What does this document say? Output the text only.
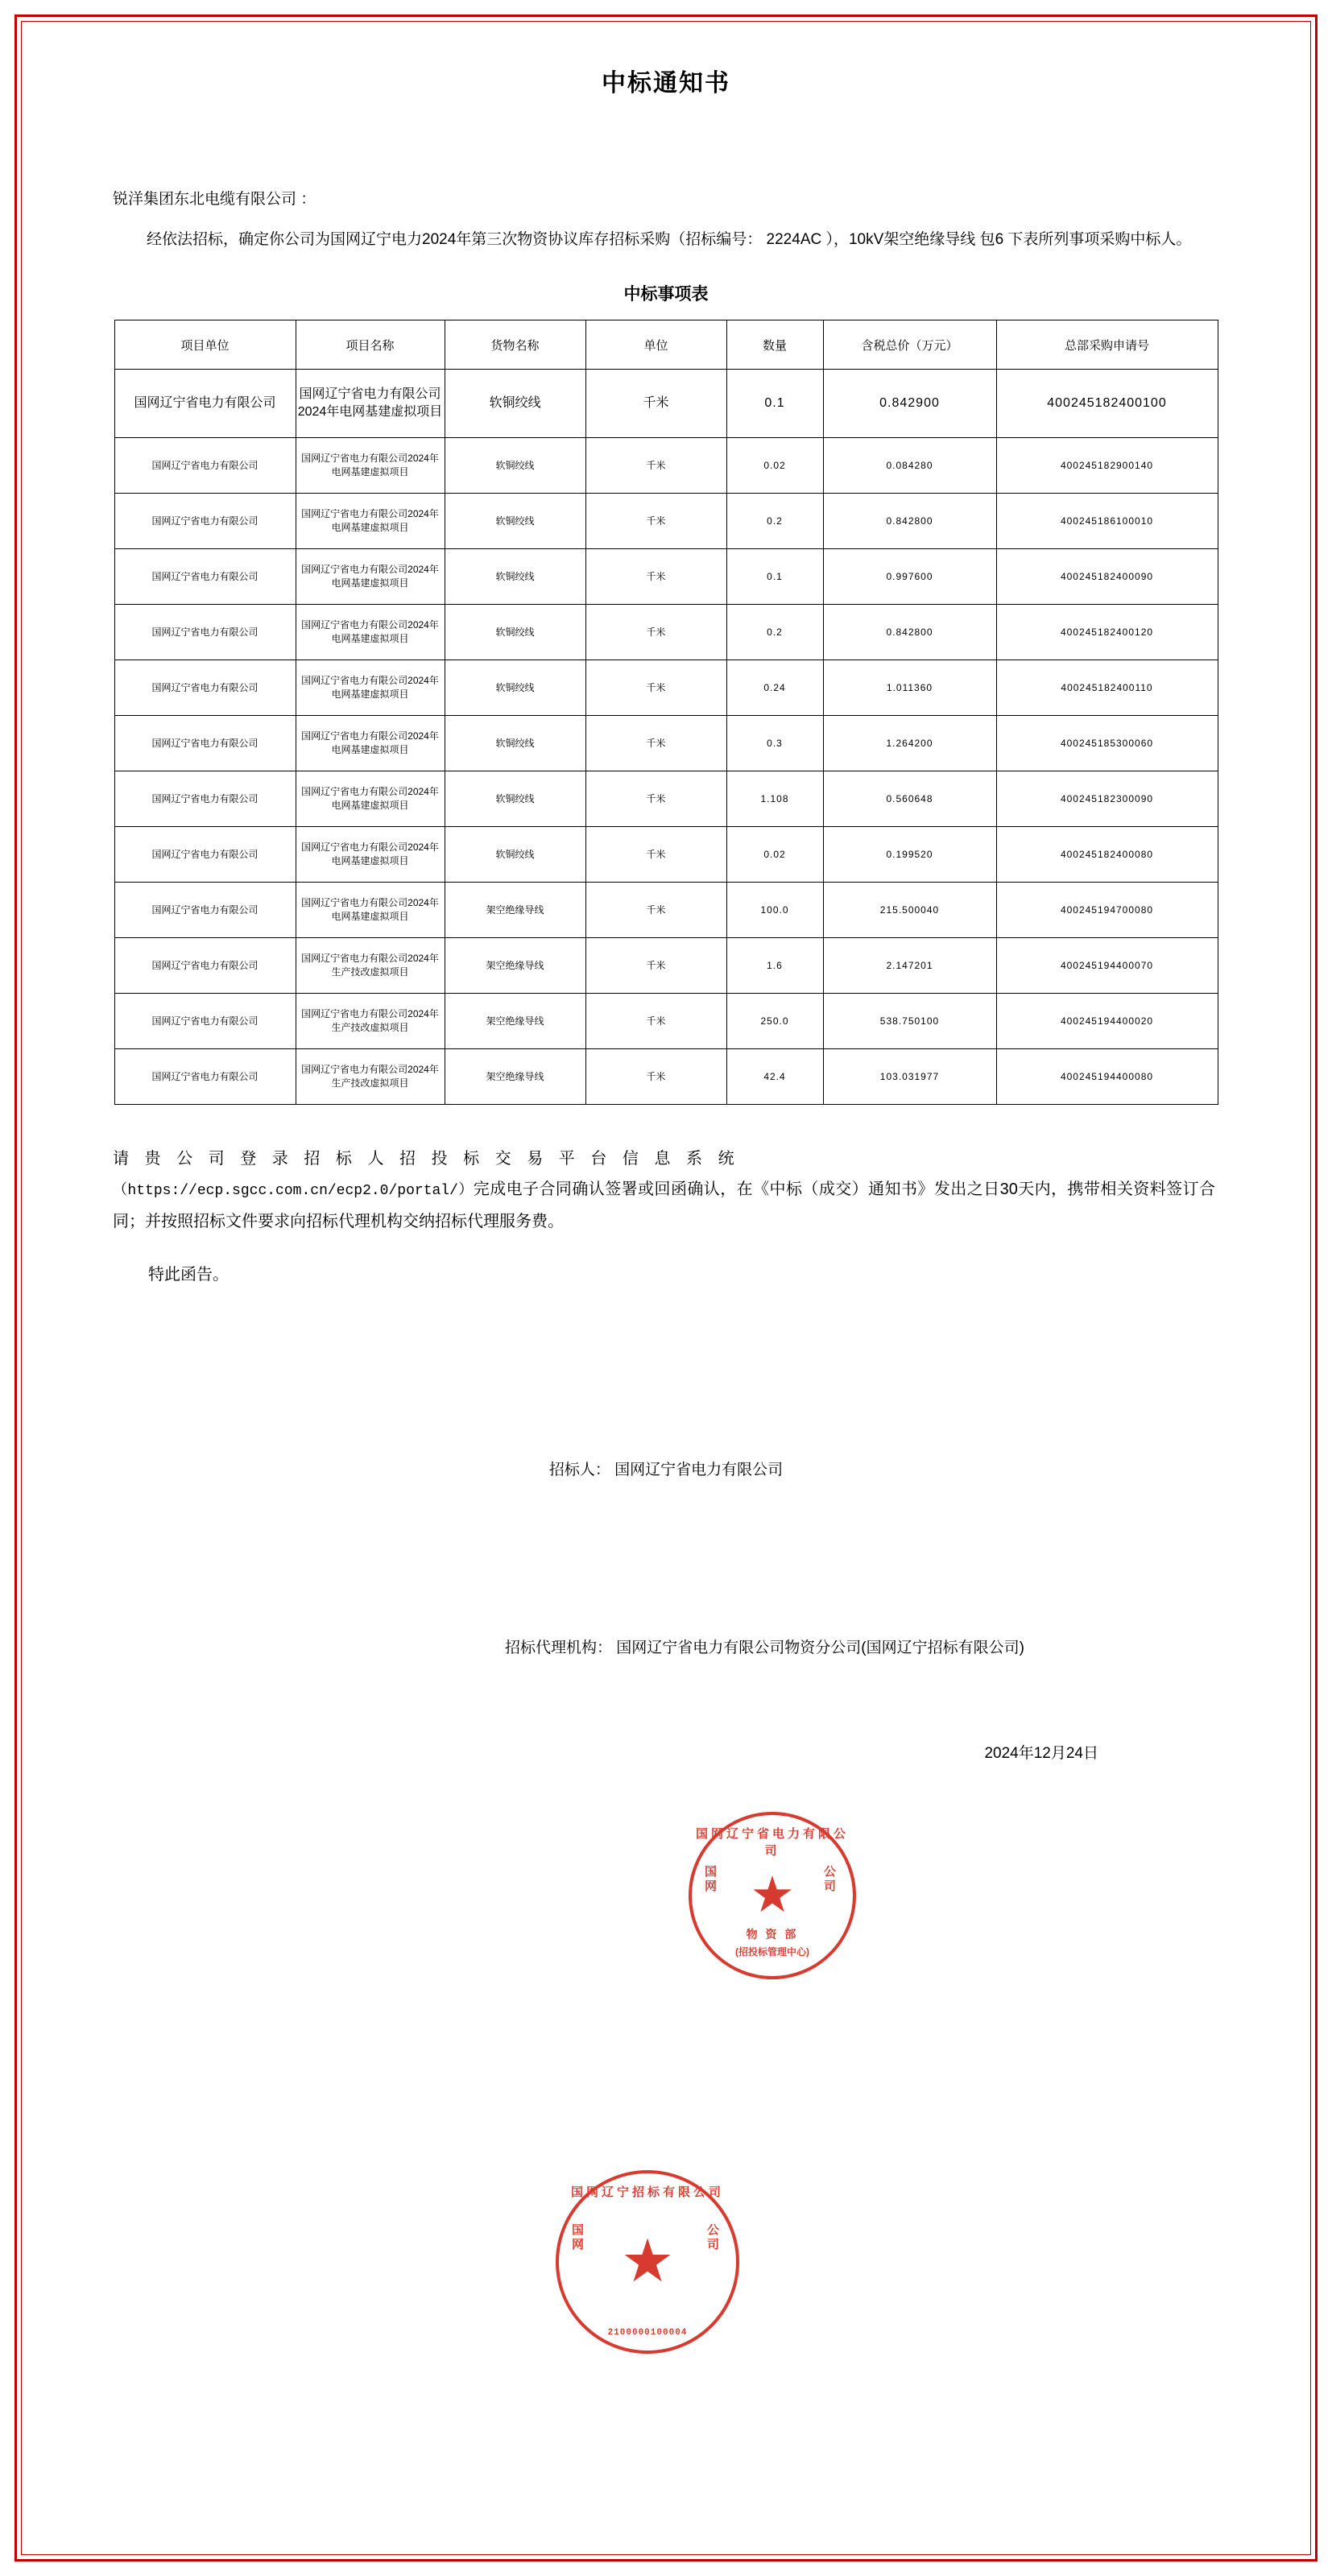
中标通知书
锐洋集团东北电缆有限公司 ：
经依法招标，确定你公司为国网辽宁电力2024年第三次物资协议库存招标采购（招标编号： 2224AC ），10kV架空绝缘导线 包6 下表所列事项采购中标人。
中标事项表
项目单位	项目名称	货物名称	单位	数量	含税总价（万元）	总部采购申请号
国网辽宁省电力有限公司	国网辽宁省电力有限公司2024年电网基建虚拟项目	软铜绞线	千米	0.1	0.842900	400245182400100
国网辽宁省电力有限公司	国网辽宁省电力有限公司2024年电网基建虚拟项目	软铜绞线	千米	0.02	0.084280	400245182900140
国网辽宁省电力有限公司	国网辽宁省电力有限公司2024年电网基建虚拟项目	软铜绞线	千米	0.2	0.842800	400245186100010
国网辽宁省电力有限公司	国网辽宁省电力有限公司2024年电网基建虚拟项目	软铜绞线	千米	0.1	0.997600	400245182400090
国网辽宁省电力有限公司	国网辽宁省电力有限公司2024年电网基建虚拟项目	软铜绞线	千米	0.2	0.842800	400245182400120
国网辽宁省电力有限公司	国网辽宁省电力有限公司2024年电网基建虚拟项目	软铜绞线	千米	0.24	1.011360	400245182400110
国网辽宁省电力有限公司	国网辽宁省电力有限公司2024年电网基建虚拟项目	软铜绞线	千米	0.3	1.264200	400245185300060
国网辽宁省电力有限公司	国网辽宁省电力有限公司2024年电网基建虚拟项目	软铜绞线	千米	1.108	0.560648	400245182300090
国网辽宁省电力有限公司	国网辽宁省电力有限公司2024年电网基建虚拟项目	软铜绞线	千米	0.02	0.199520	400245182400080
国网辽宁省电力有限公司	国网辽宁省电力有限公司2024年电网基建虚拟项目	架空绝缘导线	千米	100.0	215.500040	400245194700080
国网辽宁省电力有限公司	国网辽宁省电力有限公司2024年生产技改虚拟项目	架空绝缘导线	千米	1.6	2.147201	400245194400070
国网辽宁省电力有限公司	国网辽宁省电力有限公司2024年生产技改虚拟项目	架空绝缘导线	千米	250.0	538.750100	400245194400020
国网辽宁省电力有限公司	国网辽宁省电力有限公司2024年生产技改虚拟项目	架空绝缘导线	千米	42.4	103.031977	400245194400080
请 贵 公 司 登 录 招 标 人 招 投 标 交 易 平 台 信 息 系 统
（https://ecp.sgcc.com.cn/ecp2.0/portal/）完成电子合同确认签署或回函确认，在《中标（成交）通知书》发出之日30天内，携带相关资料签订合同；并按照招标文件要求向招标代理机构交纳招标代理服务费。
特此函告。
招标人： 国网辽宁省电力有限公司
招标代理机构： 国网辽宁省电力有限公司物资分公司(国网辽宁招标有限公司)
2024年12月24日
国网辽宁省电力有限公司
国网
公司
★
物 资 部
(招投标管理中心)
国网辽宁招标有限公司
国网
公司
★
2100000100004
